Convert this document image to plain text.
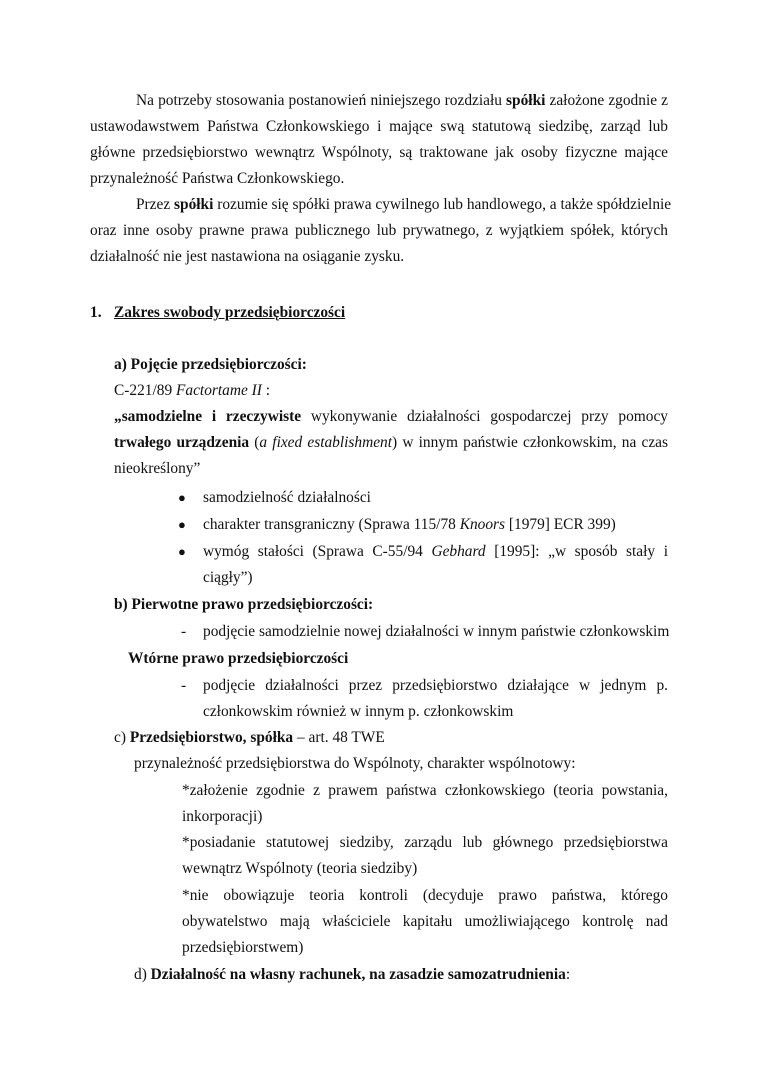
Na potrzeby stosowania postanowień niniejszego rozdziału spółki założone zgodnie z
ustawodawstwem Państwa Członkowskiego i mające swą statutową siedzibę, zarząd lub
główne przedsiębiorstwo wewnątrz Wspólnoty, są traktowane jak osoby fizyczne mające
przynależność Państwa Członkowskiego.
Przez spółki rozumie się spółki prawa cywilnego lub handlowego, a także spółdzielnie
oraz inne osoby prawne prawa publicznego lub prywatnego, z wyjątkiem spółek, których
działalność nie jest nastawiona na osiąganie zysku.
1. Zakres swobody przedsiębiorczości
a) Pojęcie przedsiębiorczości:
C-221/89 Factortame II :
„samodzielne i rzeczywiste wykonywanie działalności gospodarczej przy pomocy
trwałego urządzenia (a fixed establishment) w innym państwie członkowskim, na czas
nieokreślony”
● samodzielność działalności
● charakter transgraniczny (Sprawa 115/78 Knoors [1979] ECR 399)
● wymóg stałości (Sprawa C-55/94 Gebhard [1995]: „w sposób stały i
ciągły”)
b) Pierwotne prawo przedsiębiorczości:
- podjęcie samodzielnie nowej działalności w innym państwie członkowskim
Wtórne prawo przedsiębiorczości
- podjęcie działalności przez przedsiębiorstwo działające w jednym p.
członkowskim również w innym p. członkowskim
c) Przedsiębiorstwo, spółka – art. 48 TWE
przynależność przedsiębiorstwa do Wspólnoty, charakter wspólnotowy:
*założenie zgodnie z prawem państwa członkowskiego (teoria powstania,
inkorporacji)
*posiadanie statutowej siedziby, zarządu lub głównego przedsiębiorstwa
wewnątrz Wspólnoty (teoria siedziby)
*nie obowiązuje teoria kontroli (decyduje prawo państwa, którego
obywatelstwo mają właściciele kapitału umożliwiającego kontrolę nad
przedsiębiorstwem)
d) Działalność na własny rachunek, na zasadzie samozatrudnienia:
